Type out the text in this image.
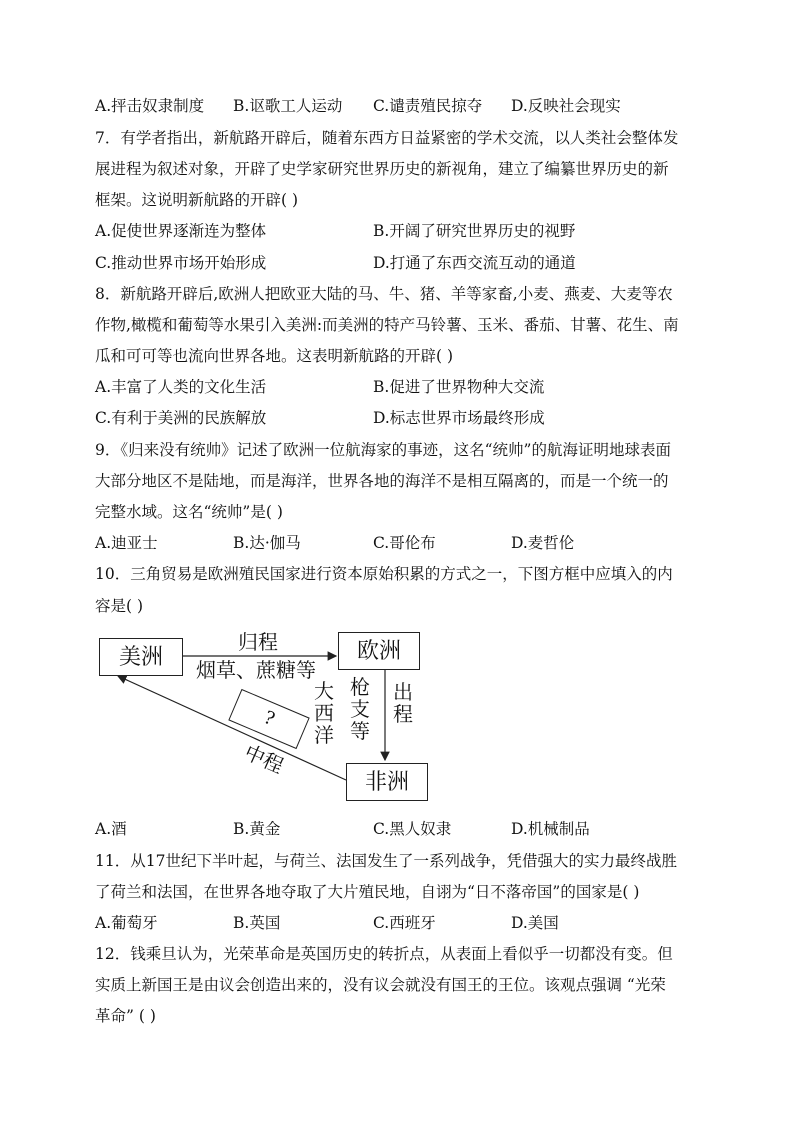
A.抨击奴隶制度 B.讴歌工人运动 C.谴责殖民掠夺 D.反映社会现实
7．有学者指出，新航路开辟后，随着东西方日益紧密的学术交流，以人类社会整体发
展进程为叙述对象，开辟了史学家研究世界历史的新视角，建立了编纂世界历史的新
框架。这说明新航路的开辟( )
A.促使世界逐渐连为整体	B.开阔了研究世界历史的视野
C.推动世界市场开始形成	D.打通了东西交流互动的通道
8．新航路开辟后,欧洲人把欧亚大陆的马、牛、猪、羊等家畜,小麦、燕麦、大麦等农
作物,橄榄和葡萄等水果引入美洲:而美洲的特产马铃薯、玉米、番茄、甘薯、花生、南
瓜和可可等也流向世界各地。这表明新航路的开辟( )
A.丰富了人类的文化生活	B.促进了世界物种大交流
C.有利于美洲的民族解放	D.标志世界市场最终形成
9．《归来没有统帅》记述了欧洲一位航海家的事迹，这名“统帅”的航海证明地球表面
大部分地区不是陆地，而是海洋，世界各地的海洋不是相互隔离的，而是一个统一的
完整水域。这名“统帅”是( )
A.迪亚士	B.达·伽马	C.哥伦布	D.麦哲伦
10．三角贸易是欧洲殖民国家进行资本原始积累的方式之一，下图方框中应填入的内
容是( )
美洲	欧洲
非洲
归程
烟草、蔗糖等
出
程
枪
支
等
大
西
洋
?
中程
A.酒	B.黄金	C.黑人奴隶	D.机械制品
11．从17世纪下半叶起，与荷兰、法国发生了一系列战争，凭借强大的实力最终战胜
了荷兰和法国，在世界各地夺取了大片殖民地，自诩为“日不落帝国”的国家是( )
A.葡萄牙	B.英国	C.西班牙	D.美国
12．钱乘旦认为，光荣革命是英国历史的转折点，从表面上看似乎一切都没有变。但
实质上新国王是由议会创造出来的，没有议会就没有国王的王位。该观点强调 “光荣
革命” ( )
